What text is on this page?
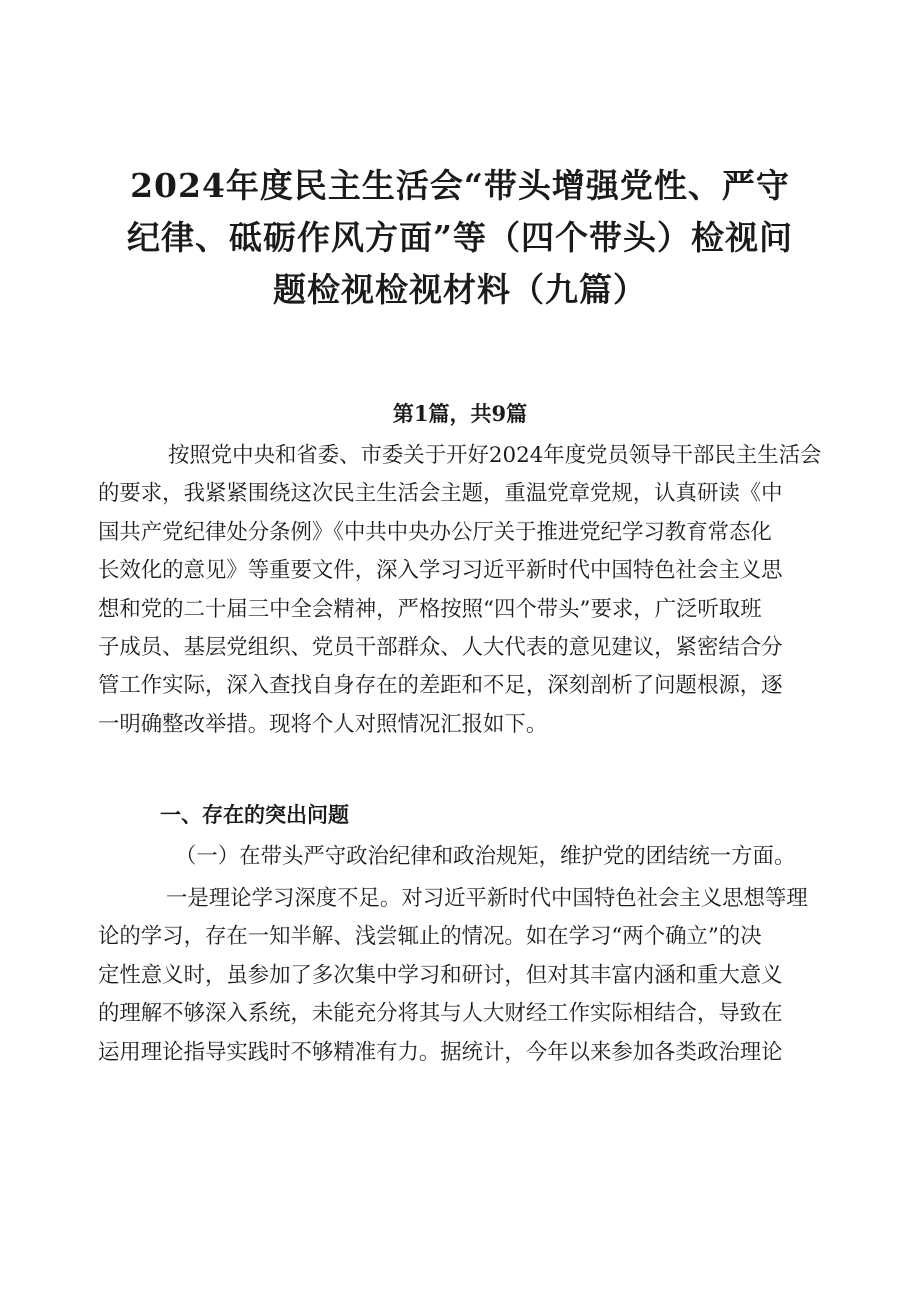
2024年度民主生活会“带头增强党性、严守
纪律、砥砺作风方面”等（四个带头）检视问
题检视检视材料（九篇）
第1篇，共9篇
按照党中央和省委、市委关于开好2024年度党员领导干部民主生活会
的要求，我紧紧围绕这次民主生活会主题，重温党章党规，认真研读《中
国共产党纪律处分条例》《中共中央办公厅关于推进党纪学习教育常态化
长效化的意见》等重要文件，深入学习习近平新时代中国特色社会主义思
想和党的二十届三中全会精神，严格按照“四个带头”要求，广泛听取班
子成员、基层党组织、党员干部群众、人大代表的意见建议，紧密结合分
管工作实际，深入查找自身存在的差距和不足，深刻剖析了问题根源，逐
一明确整改举措。现将个人对照情况汇报如下。
一、存在的突出问题
（一）在带头严守政治纪律和政治规矩，维护党的团结统一方面。
一是理论学习深度不足。对习近平新时代中国特色社会主义思想等理
论的学习，存在一知半解、浅尝辄止的情况。如在学习“两个确立”的决
定性意义时，虽参加了多次集中学习和研讨，但对其丰富内涵和重大意义
的理解不够深入系统，未能充分将其与人大财经工作实际相结合，导致在
运用理论指导实践时不够精准有力。据统计，今年以来参加各类政治理论
